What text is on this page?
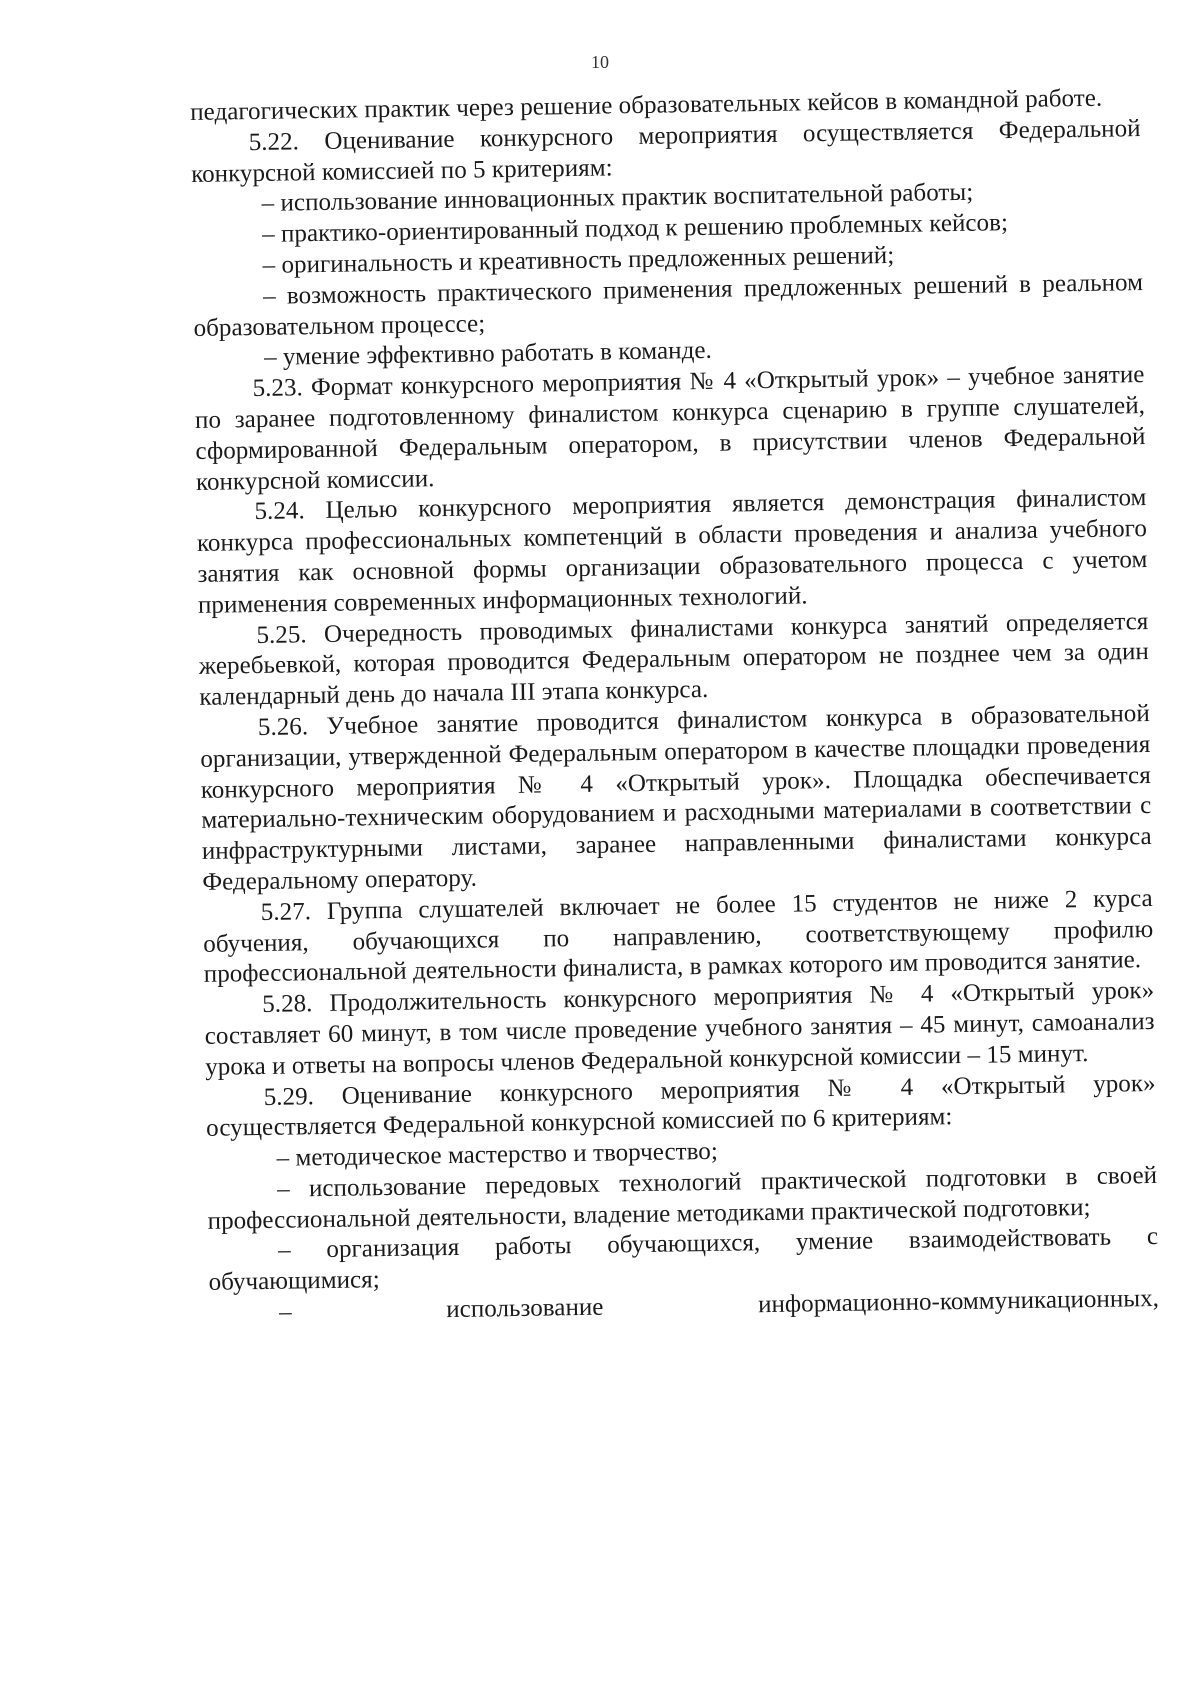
10

педагогических практик через решение образовательных кейсов в командной работе.

5.22. Оценивание конкурсного мероприятия осуществляется Федеральной конкурсной комиссией по 5 критериям:

– использование инновационных практик воспитательной работы;

– практико-ориентированный подход к решению проблемных кейсов;

– оригинальность и креативность предложенных решений;

– возможность практического применения предложенных решений в реальном образовательном процессе;

– умение эффективно работать в команде.

5.23. Формат конкурсного мероприятия № 4 «Открытый урок» – учебное занятие по заранее подготовленному финалистом конкурса сценарию в группе слушателей, сформированной Федеральным оператором, в присутствии членов Федеральной конкурсной комиссии.

5.24. Целью конкурсного мероприятия является демонстрация финалистом конкурса профессиональных компетенций в области проведения и анализа учебного занятия как основной формы организации образовательного процесса с учетом применения современных информационных технологий.

5.25. Очередность проводимых финалистами конкурса занятий определяется жеребьевкой, которая проводится Федеральным оператором не позднее чем за один календарный день до начала III этапа конкурса.

5.26. Учебное занятие проводится финалистом конкурса в образовательной организации, утвержденной Федеральным оператором в качестве площадки проведения конкурсного мероприятия № 4 «Открытый урок». Площадка обеспечивается материально-техническим оборудованием и расходными материалами в соответствии с инфраструктурными листами, заранее направленными финалистами конкурса Федеральному оператору.

5.27. Группа слушателей включает не более 15 студентов не ниже 2 курса обучения, обучающихся по направлению, соответствующему профилю профессиональной деятельности финалиста, в рамках которого им проводится занятие.

5.28. Продолжительность конкурсного мероприятия № 4 «Открытый урок» составляет 60 минут, в том числе проведение учебного занятия – 45 минут, самоанализ урока и ответы на вопросы членов Федеральной конкурсной комиссии – 15 минут.

5.29. Оценивание конкурсного мероприятия № 4 «Открытый урок» осуществляется Федеральной конкурсной комиссией по 6 критериям:

– методическое мастерство и творчество;

– использование передовых технологий практической подготовки в своей профессиональной деятельности, владение методиками практической подготовки;

– организация работы обучающихся, умение взаимодействовать с обучающимися;

– использование информационно-коммуникационных,
